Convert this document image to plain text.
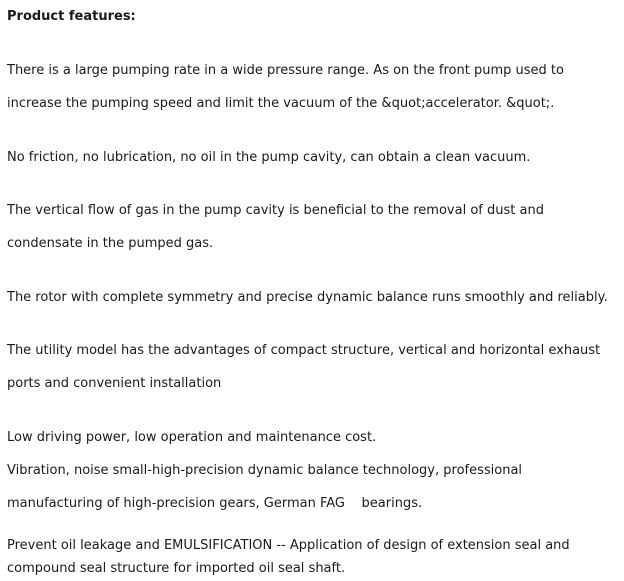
Product features:
There is a large pumping rate in a wide pressure range. As on the front pump used to
increase the pumping speed and limit the vacuum of the &quot;accelerator. &quot;.
No friction, no lubrication, no oil in the pump cavity, can obtain a clean vacuum.
The vertical flow of gas in the pump cavity is beneficial to the removal of dust and
condensate in the pumped gas.
The rotor with complete symmetry and precise dynamic balance runs smoothly and reliably.
The utility model has the advantages of compact structure, vertical and horizontal exhaust
ports and convenient installation
Low driving power, low operation and maintenance cost.
Vibration, noise small-high-precision dynamic balance technology, professional
manufacturing of high-precision gears, German FAG    bearings.
Prevent oil leakage and EMULSIFICATION -- Application of design of extension seal and
compound seal structure for imported oil seal shaft.
